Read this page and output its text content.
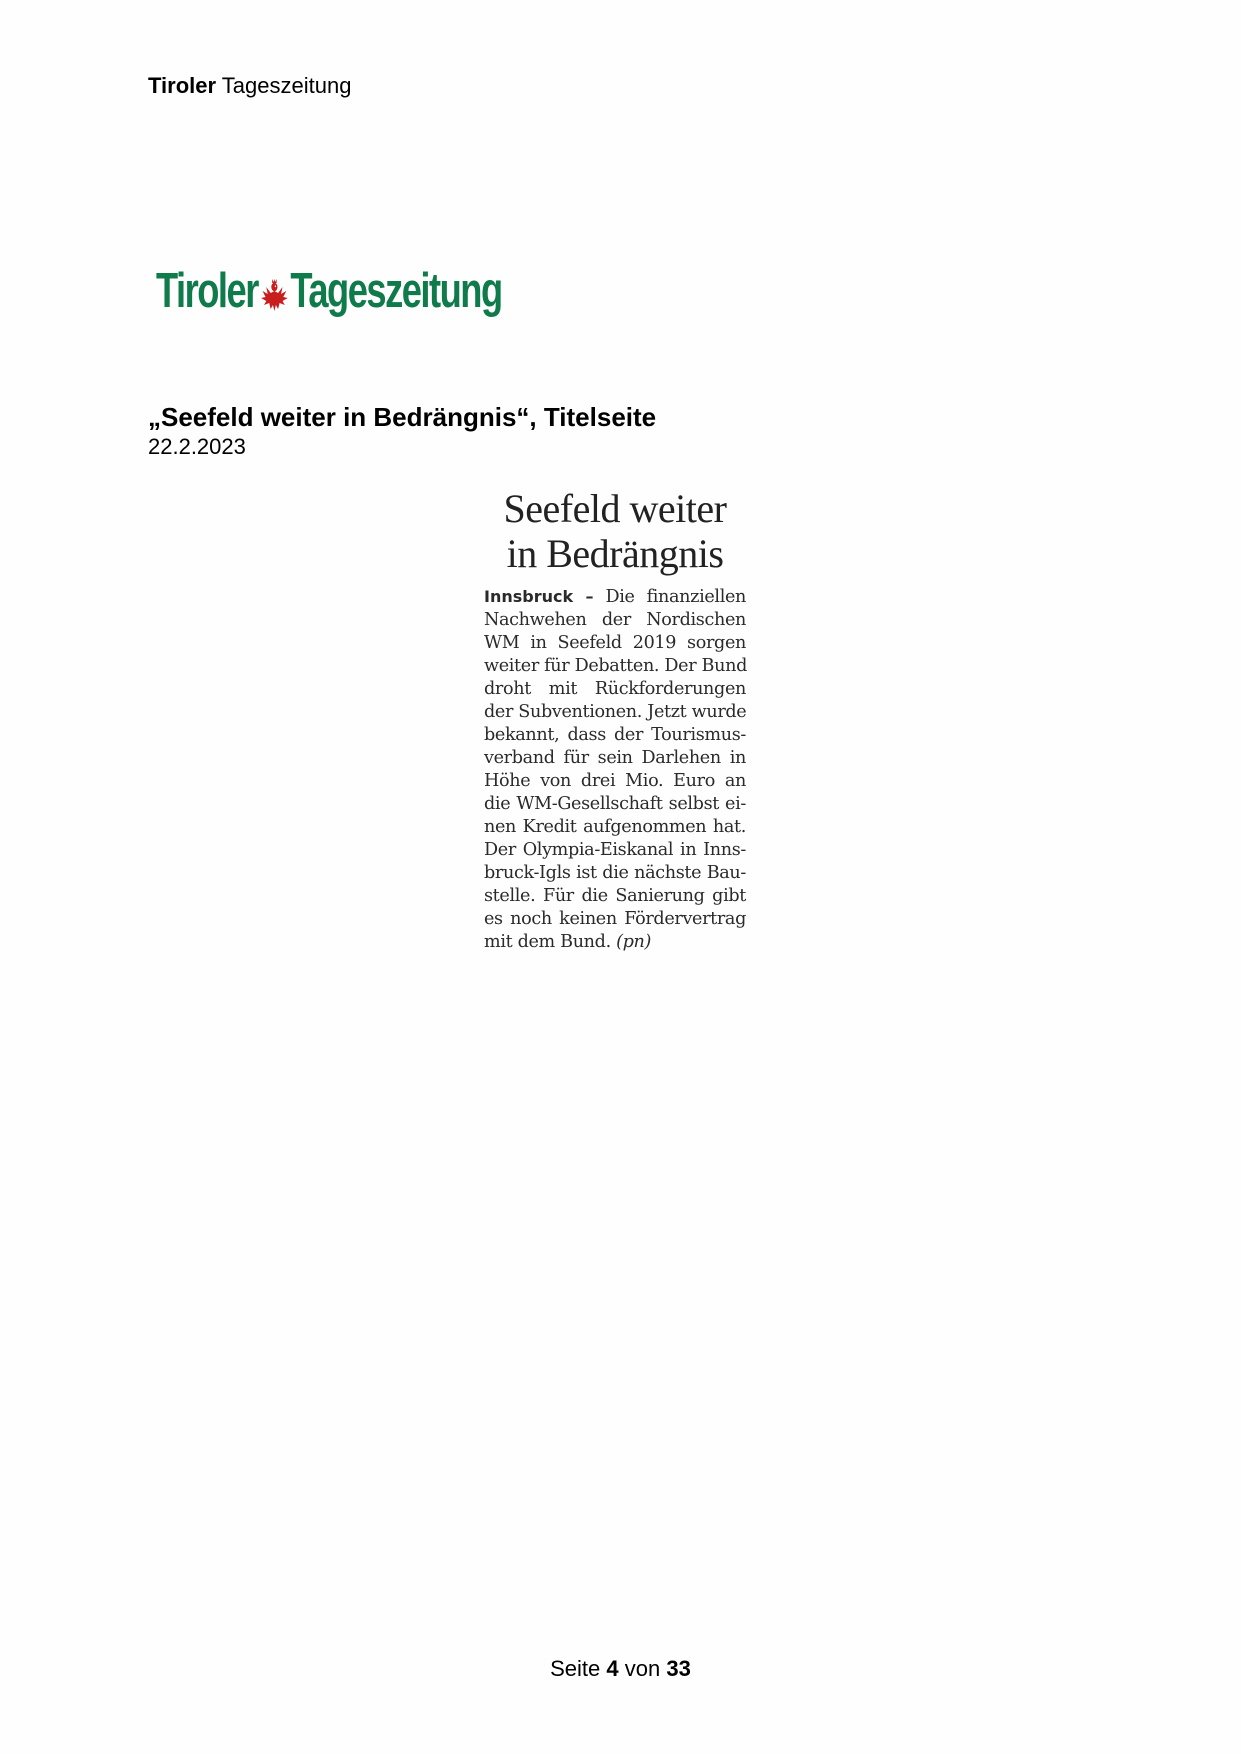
Tiroler Tageszeitung
Tiroler Tageszeitung
„Seefeld weiter in Bedrängnis“, Titelseite
22.2.2023
Seefeld weiter
in Bedrängnis
Innsbruck – Die finanziellen
Nachwehen der Nordischen
WM in Seefeld 2019 sorgen
weiter für Debatten. Der Bund
droht mit Rückforderungen
der Subventionen. Jetzt wurde
bekannt, dass der Tourismus-
verband für sein Darlehen in
Höhe von drei Mio. Euro an
die WM-Gesellschaft selbst ei-
nen Kredit aufgenommen hat.
Der Olympia-Eiskanal in Inns-
bruck-Igls ist die nächste Bau-
stelle. Für die Sanierung gibt
es noch keinen Fördervertrag
mit dem Bund. (pn)
Seite 4 von 33
